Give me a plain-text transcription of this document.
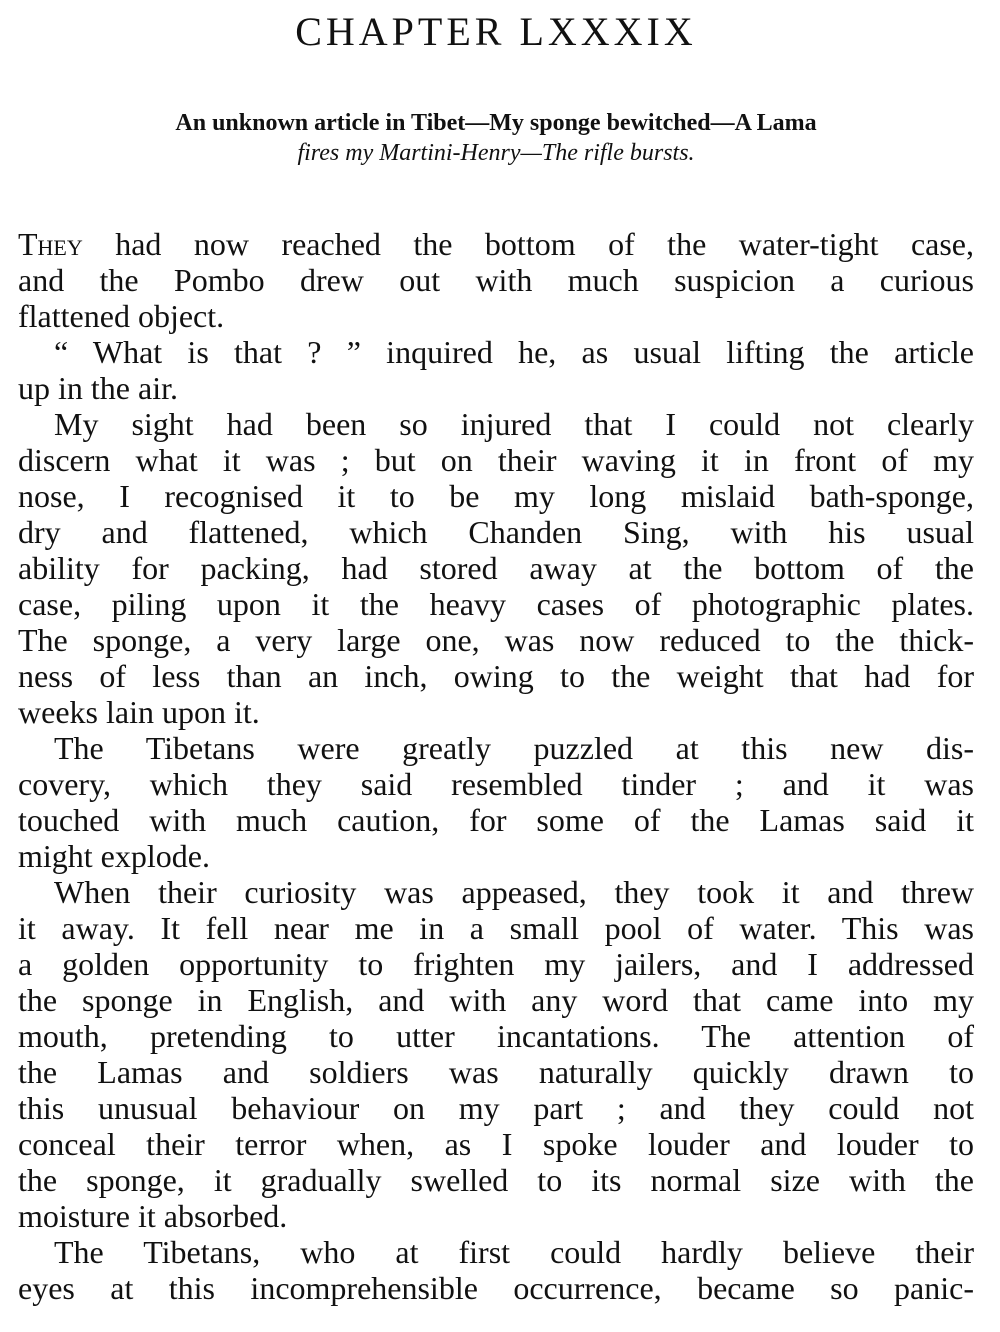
CHAPTER LXXXIX
An unknown article in Tibet—My sponge bewitched—A Lama
fires my Martini-Henry—The rifle bursts.

They had now reached the bottom of the water-tight case,
and the Pombo drew out with much suspicion a curious
flattened object.

“ What is that ? ” inquired he, as usual lifting the article
up in the air.

My sight had been so injured that I could not clearly
discern what it was ; but on their waving it in front of my
nose, I recognised it to be my long mislaid bath-sponge,
dry and flattened, which Chanden Sing, with his usual
ability for packing, had stored away at the bottom of the
case, piling upon it the heavy cases of photographic plates.
The sponge, a very large one, was now reduced to the thick-
ness of less than an inch, owing to the weight that had for
weeks lain upon it.

The Tibetans were greatly puzzled at this new dis-
covery, which they said resembled tinder ; and it was
touched with much caution, for some of the Lamas said it
might explode.

When their curiosity was appeased, they took it and threw
it away. It fell near me in a small pool of water. This was
a golden opportunity to frighten my jailers, and I addressed
the sponge in English, and with any word that came into my
mouth, pretending to utter incantations. The attention of
the Lamas and soldiers was naturally quickly drawn to
this unusual behaviour on my part ; and they could not
conceal their terror when, as I spoke louder and louder to
the sponge, it gradually swelled to its normal size with the
moisture it absorbed.

The Tibetans, who at first could hardly believe their
eyes at this incomprehensible occurrence, became so panic-
